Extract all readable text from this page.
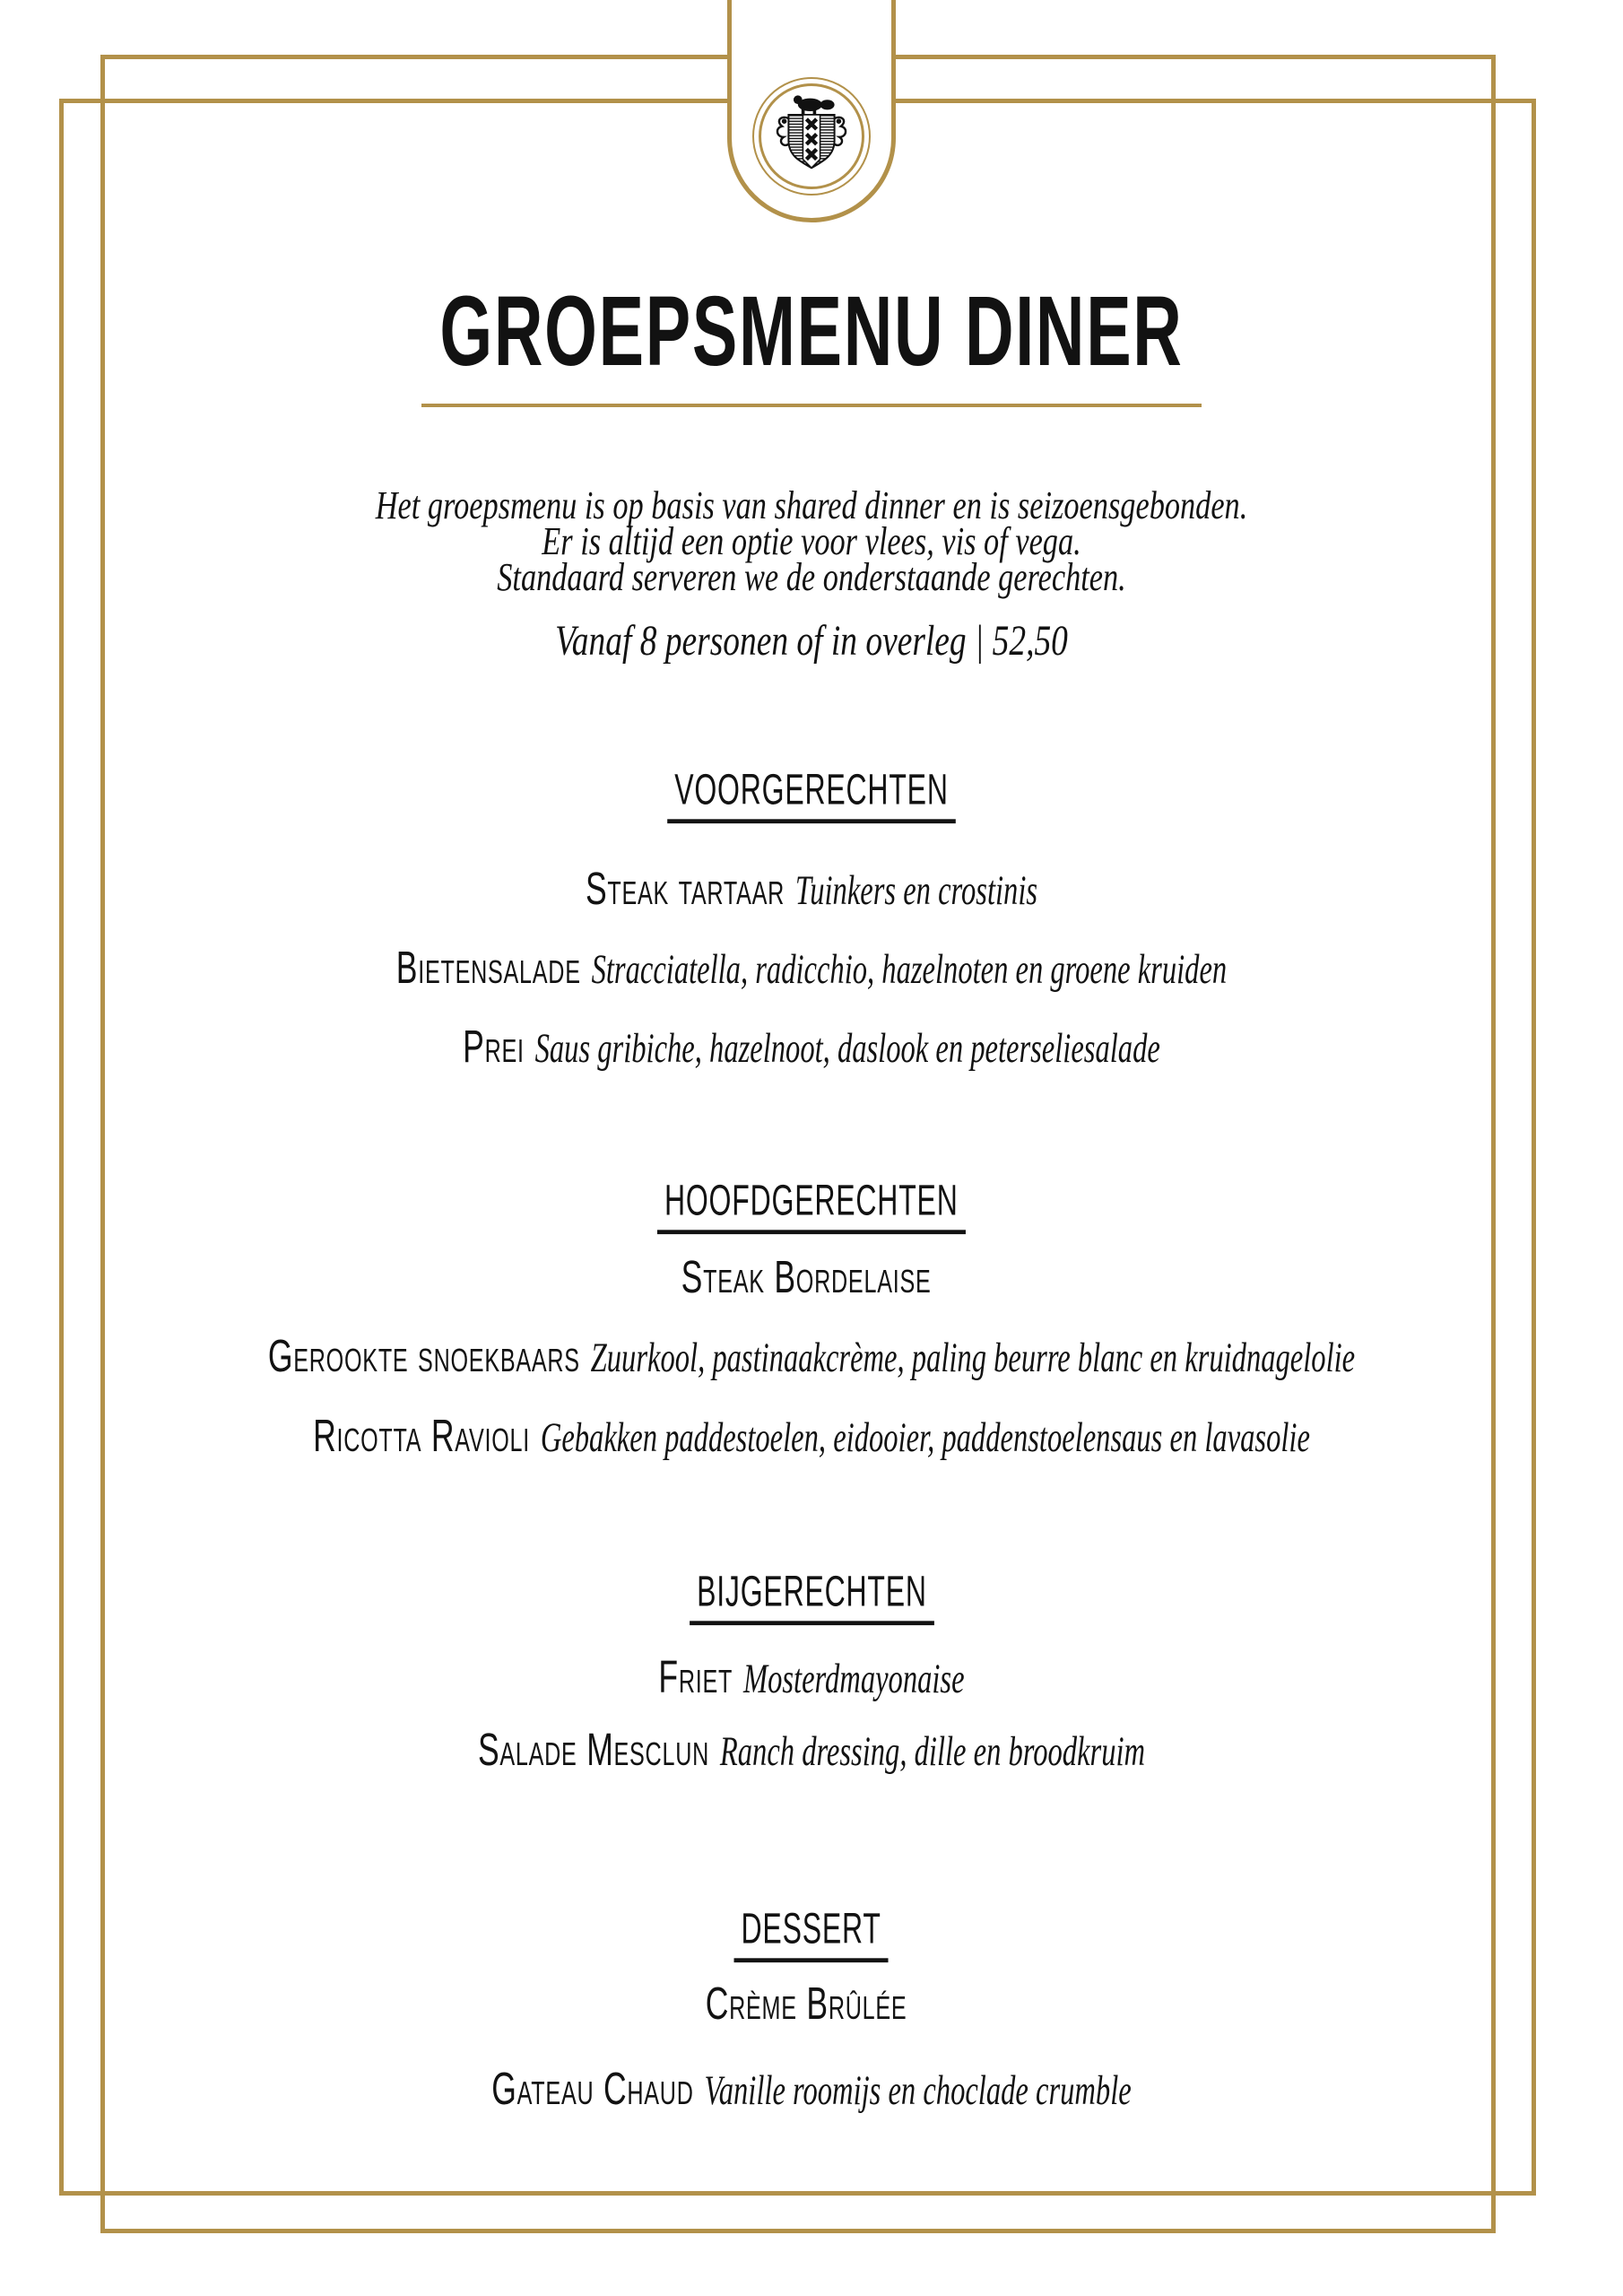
GROEPSMENU DINER

Het groepsmenu is op basis van shared dinner en is seizoensgebonden.
Er is altijd een optie voor vlees, vis of vega.
Standaard serveren we de onderstaande gerechten.

Vanaf 8 personen of in overleg | 52,50

VOORGERECHTEN

Steak tartaar Tuinkers en crostinis

Bietensalade Stracciatella, radicchio, hazelnoten en groene kruiden

Prei Saus gribiche, hazelnoot, daslook en peterseliesalade

HOOFDGERECHTEN

Steak Bordelaise

Gerookte snoekbaars Zuurkool, pastinaakcrème, paling beurre blanc en kruidnagelolie

Ricotta Ravioli Gebakken paddestoelen, eidooier, paddenstoelensaus en lavasolie

BIJGERECHTEN

Friet Mosterdmayonaise

Salade Mesclun Ranch dressing, dille en broodkruim

DESSERT

Crème Brûlée

Gateau Chaud Vanille roomijs en choclade crumble
